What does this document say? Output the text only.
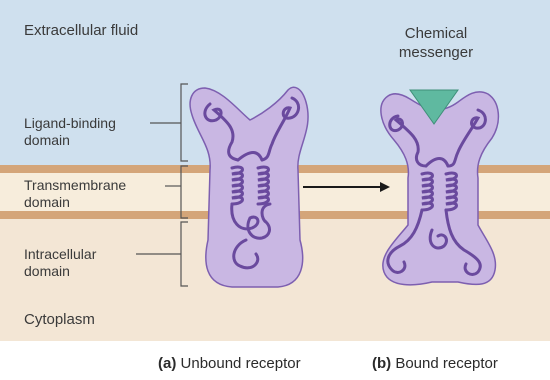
Extracellular fluid
Cytoplasm
Ligand-binding
domain
Transmembrane
domain
Intracellular
domain
Chemical
messenger
(a) Unbound receptor	(b) Bound receptor
